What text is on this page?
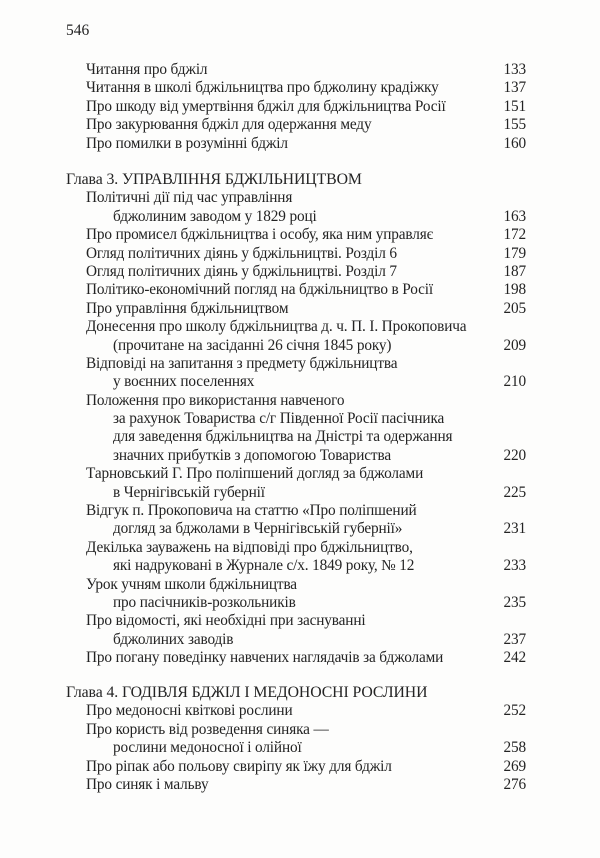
546
Читання про бджіл	133
Читання в школі бджільництва про бджолину крадіжку	137
Про шкоду від умертвіння бджіл для бджільництва Росії	151
Про закурювання бджіл для одержання меду	155
Про помилки в розумінні бджіл	160
Глава 3. УПРАВЛІННЯ БДЖІЛЬНИЦТВОМ
Політичні дії під час управління
бджолиним заводом у 1829 році	163
Про промисел бджільництва і особу, яка ним управляє	172
Огляд політичних діянь у бджільництві. Розділ 6	179
Огляд політичних діянь у бджільництві. Розділ 7	187
Політико-економічний погляд на бджільництво в Росії	198
Про управління бджільництвом	205
Донесення про школу бджільництва д. ч. П. І. Прокоповича
(прочитане на засіданні 26 січня 1845 року)	209
Відповіді на запитання з предмету бджільництва
у воєнних поселеннях	210
Положення про використання навченого
за рахунок Товариства с/г Південної Росії пасічника
для заведення бджільництва на Дністрі та одержання
значних прибутків з допомогою Товариства	220
Тарновський Г. Про поліпшений догляд за бджолами
в Чернігівській губернії	225
Відгук п. Прокоповича на статтю «Про поліпшений
догляд за бджолами в Чернігівській губернії»	231
Декілька зауважень на відповіді про бджільництво,
які надруковані в Журнале с/х. 1849 року, № 12	233
Урок учням школи бджільництва
про пасічників-розкольників	235
Про відомості, які необхідні при заснуванні
бджолиних заводів	237
Про погану поведінку навчених наглядачів за бджолами	242
Глава 4. ГОДІВЛЯ БДЖІЛ І МЕДОНОСНІ РОСЛИНИ
Про медоносні квіткові рослини	252
Про користь від розведення синяка —
рослини медоносної і олійної	258
Про ріпак або польову свиріпу як їжу для бджіл	269
Про синяк і мальву	276
